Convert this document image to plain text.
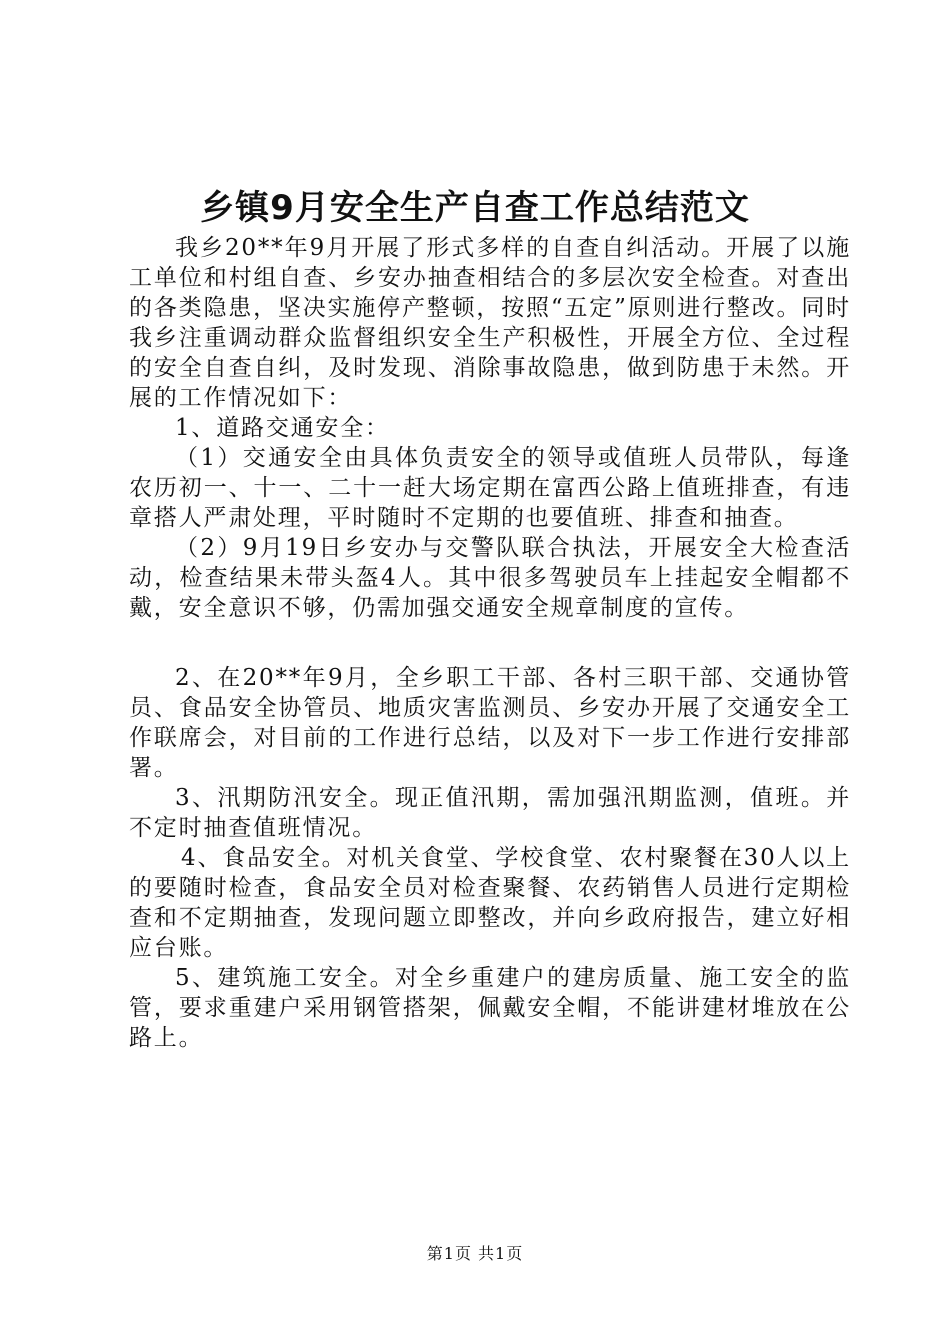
乡镇9月安全生产自查工作总结范文

我乡20**年9月开展了形式多样的自查自纠活动。开展了以施工单位和村组自查、乡安办抽查相结合的多层次安全检查。对查出的各类隐患，坚决实施停产整顿，按照“五定”原则进行整改。同时我乡注重调动群众监督组织安全生产积极性，开展全方位、全过程的安全自查自纠，及时发现、消除事故隐患，做到防患于未然。开展的工作情况如下：

1、道路交通安全：

（1）交通安全由具体负责安全的领导或值班人员带队，每逢农历初一、十一、二十一赶大场定期在富西公路上值班排查，有违章搭人严肃处理，平时随时不定期的也要值班、排查和抽查。

（2）9月19日乡安办与交警队联合执法，开展安全大检查活动，检查结果未带头盔4人。其中很多驾驶员车上挂起安全帽都不戴，安全意识不够，仍需加强交通安全规章制度的宣传。

2、在20**年9月，全乡职工干部、各村三职干部、交通协管员、食品安全协管员、地质灾害监测员、乡安办开展了交通安全工作联席会，对目前的工作进行总结，以及对下一步工作进行安排部署。

3、汛期防汛安全。现正值汛期，需加强汛期监测，值班。并不定时抽查值班情况。

4、食品安全。对机关食堂、学校食堂、农村聚餐在30人以上的要随时检查，食品安全员对检查聚餐、农药销售人员进行定期检查和不定期抽查，发现问题立即整改，并向乡政府报告，建立好相应台账。

5、建筑施工安全。对全乡重建户的建房质量、施工安全的监管，要求重建户采用钢管搭架，佩戴安全帽，不能讲建材堆放在公路上。

第1页 共1页
